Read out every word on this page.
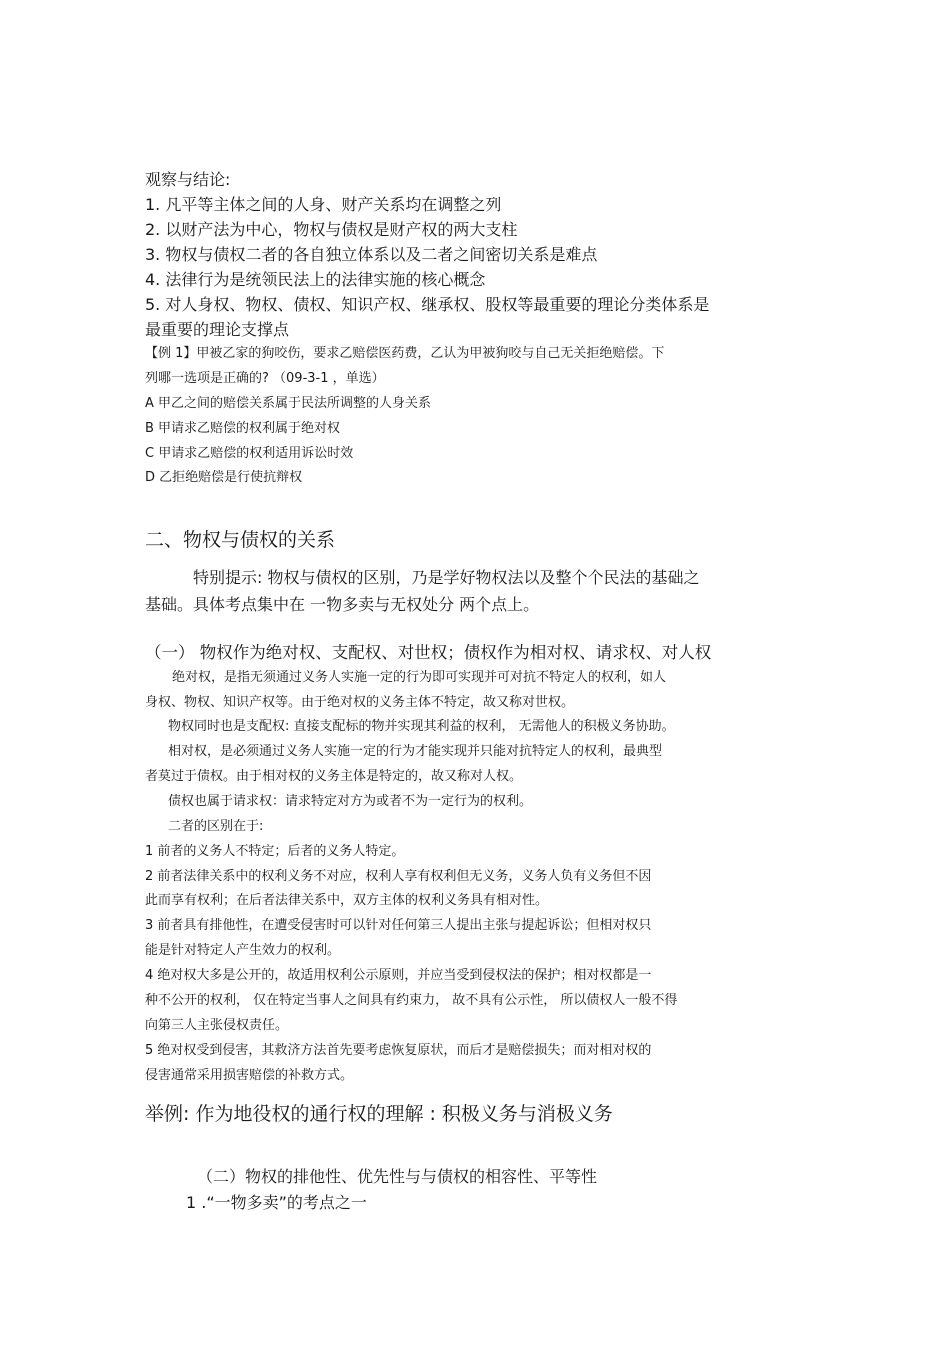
观察与结论:
1. 凡平等主体之间的人身、财产关系均在调整之列
2. 以财产法为中心，物权与债权是财产权的两大支柱
3. 物权与债权二者的各自独立体系以及二者之间密切关系是难点
4. 法律行为是统领民法上的法律实施的核心概念
5. 对人身权、物权、债权、知识产权、继承权、股权等最重要的理论分类体系是
最重要的理论支撑点
【例 1】甲被乙家的狗咬伤，要求乙赔偿医药费，乙认为甲被狗咬与自己无关拒绝赔偿。下
列哪一选项是正确的? （09-3-1 ，单选）
A 甲乙之间的赔偿关系属于民法所调整的人身关系
B 甲请求乙赔偿的权利属于绝对权
C 甲请求乙赔偿的权利适用诉讼时效
D 乙拒绝赔偿是行使抗辩权
二、物权与债权的关系
特别提示: 物权与债权的区别，乃是学好物权法以及整个个民法的基础之
基础。具体考点集中在 一物多卖与无权处分 两个点上。
（一） 物权作为绝对权、支配权、对世权；债权作为相对权、请求权、对人权
绝对权，是指无须通过义务人实施一定的行为即可实现并可对抗不特定人的权利，如人
身权、物权、知识产权等。由于绝对权的义务主体不特定，故又称对世权。
物权同时也是支配权: 直接支配标的物并实现其利益的权利， 无需他人的积极义务协助。
相对权，是必须通过义务人实施一定的行为才能实现并只能对抗特定人的权利，最典型
者莫过于债权。由于相对权的义务主体是特定的，故又称对人权。
债权也属于请求权：请求特定对方为或者不为一定行为的权利。
二者的区别在于:
1 前者的义务人不特定；后者的义务人特定。
2 前者法律关系中的权利义务不对应，权利人享有权利但无义务，义务人负有义务但不因
此而享有权利；在后者法律关系中，双方主体的权利义务具有相对性。
3 前者具有排他性，在遭受侵害时可以针对任何第三人提出主张与提起诉讼；但相对权只
能是针对特定人产生效力的权利。
4 绝对权大多是公开的，故适用权利公示原则，并应当受到侵权法的保护；相对权都是一
种不公开的权利， 仅在特定当事人之间具有约束力， 故不具有公示性， 所以债权人一般不得
向第三人主张侵权责任。
5 绝对权受到侵害，其救济方法首先要考虑恢复原状，而后才是赔偿损失；而对相对权的
侵害通常采用损害赔偿的补救方式。
举例: 作为地役权的通行权的理解 : 积极义务与消极义务
（二）物权的排他性、优先性与与债权的相容性、平等性
1 .“一物多卖”的考点之一
